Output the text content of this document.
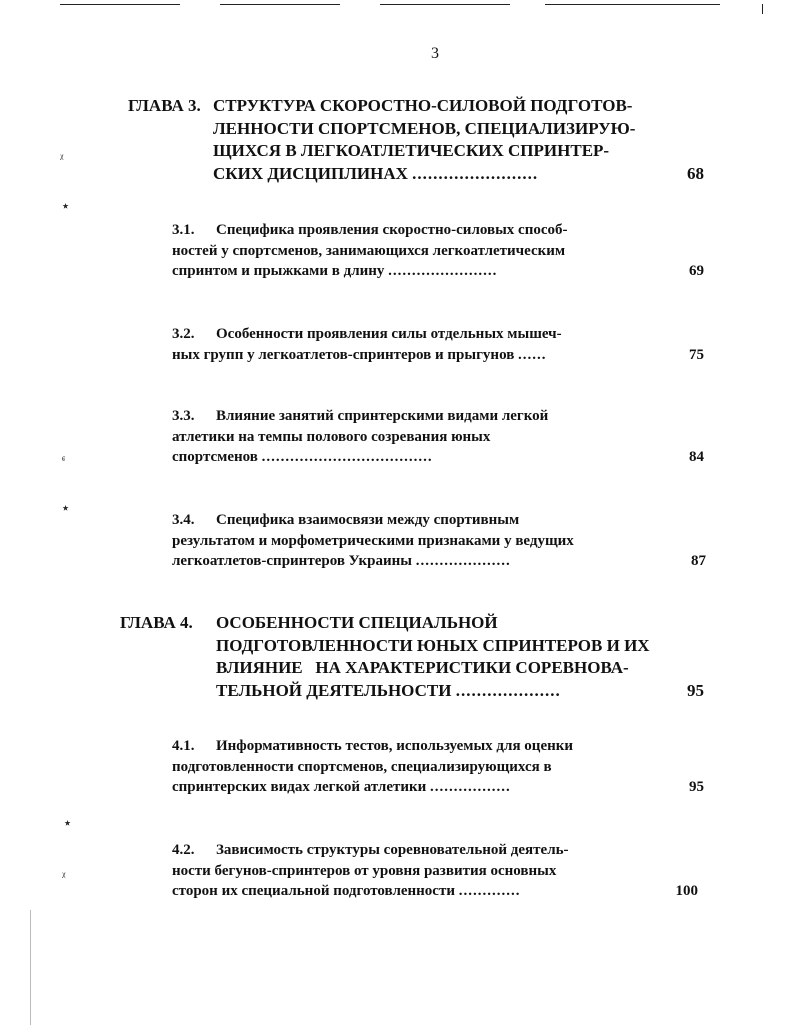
ᵡ
٭
ᶝ
٭
٭
ᵡ
3
ГЛАВА 3. СТРУКТУРА СКОРОСТНО-СИЛОВОЙ ПОДГОТОВ-
ЛЕННОСТИ СПОРТСМЕНОВ, СПЕЦИАЛИЗИРУЮ-
ЩИХСЯ В ЛЕГКОАТЛЕТИЧЕСКИХ СПРИНТЕР-
СКИХ ДИСЦИПЛИНАХ ........................	68
3.1. Специфика проявления скоростно-силовых способ-
ностей у спортсменов, занимающихся легкоатлетическим
спринтом и прыжками в длину .......................	69
3.2. Особенности проявления силы отдельных мышеч-
ных групп у легкоатлетов-спринтеров и прыгунов ......	75
3.3. Влияние занятий спринтерскими видами легкой
атлетики на темпы полового созревания юных
спортсменов ....................................	84
3.4. Специфика взаимосвязи между спортивным
результатом и морфометрическими признаками у ведущих
легкоатлетов-спринтеров Украины ....................	87
ГЛАВА 4. ОСОБЕННОСТИ СПЕЦИАЛЬНОЙ
ПОДГОТОВЛЕННОСТИ ЮНЫХ СПРИНТЕРОВ И ИХ
ВЛИЯНИЕ   НА ХАРАКТЕРИСТИКИ СОРЕВНОВА-
ТЕЛЬНОЙ ДЕЯТЕЛЬНОСТИ ....................	95
4.1. Информативность тестов, используемых для оценки
подготовленности спортсменов, специализирующихся в
спринтерских видах легкой атлетики .................	95
4.2. Зависимость структуры соревновательной деятель-
ности бегунов-спринтеров от уровня развития основных
сторон их специальной подготовленности .............	100
